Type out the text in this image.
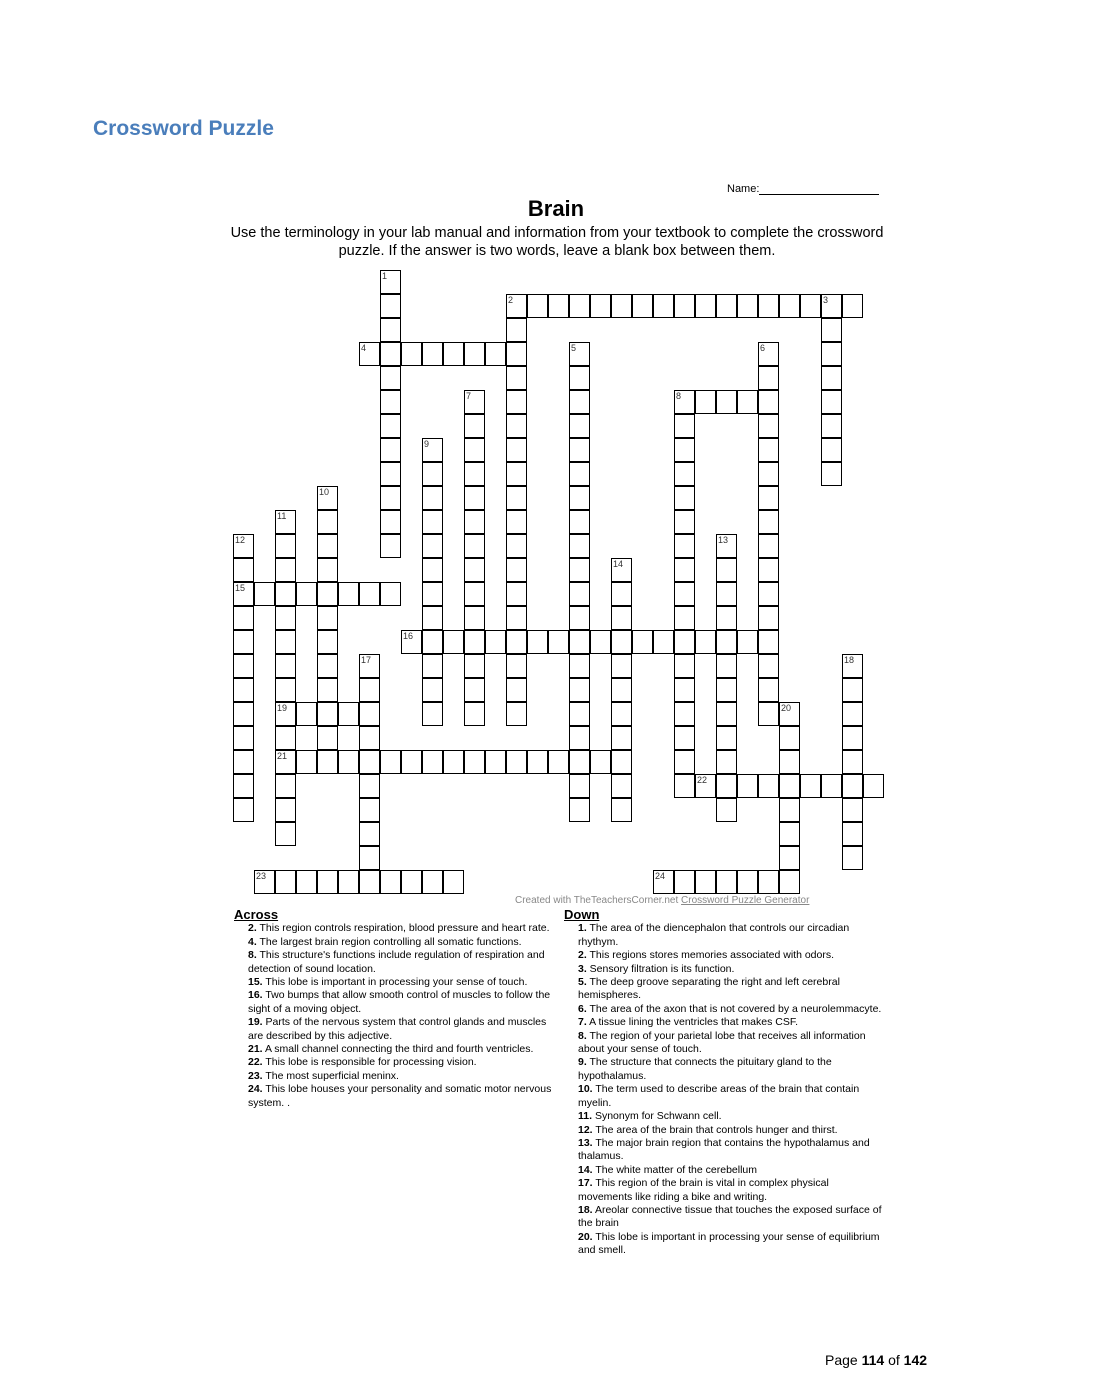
Crossword Puzzle
Name:
Brain
Use the terminology in your lab manual and information from your textbook to complete the crossword puzzle. If the answer is two words, leave a blank box between them.
2	3
4
8
15
16
19
21
22
23	24
1
5	6
7
9
10
11
12	13
14
17	18
20
Created with TheTeachersCorner.net Crossword Puzzle Generator
Across
2. This region controls respiration, blood pressure and heart rate.
4. The largest brain region controlling all somatic functions.
8. This structure's functions include regulation of respiration and detection of sound location.
15. This lobe is important in processing your sense of touch.
16. Two bumps that allow smooth control of muscles to follow the sight of a moving object.
19. Parts of the nervous system that control glands and muscles are described by this adjective.
21. A small channel connecting the third and fourth ventricles.
22. This lobe is responsible for processing vision.
23. The most superficial meninx.
24. This lobe houses your personality and somatic motor nervous system. .
Down
1. The area of the diencephalon that controls our circadian rhythym.
2. This regions stores memories associated with odors.
3. Sensory filtration is its function.
5. The deep groove separating the right and left cerebral hemispheres.
6. The area of the axon that is not covered by a neurolemmacyte.
7. A tissue lining the ventricles that makes CSF.
8. The region of your parietal lobe that receives all information about your sense of touch.
9. The structure that connects the pituitary gland to the hypothalamus.
10. The term used to describe areas of the brain that contain myelin.
11. Synonym for Schwann cell.
12. The area of the brain that controls hunger and thirst.
13. The major brain region that contains the hypothalamus and thalamus.
14. The white matter of the cerebellum
17. This region of the brain is vital in complex physical movements like riding a bike and writing.
18. Areolar connective tissue that touches the exposed surface of the brain
20. This lobe is important in processing your sense of equilibrium and smell.
Page 114 of 142
